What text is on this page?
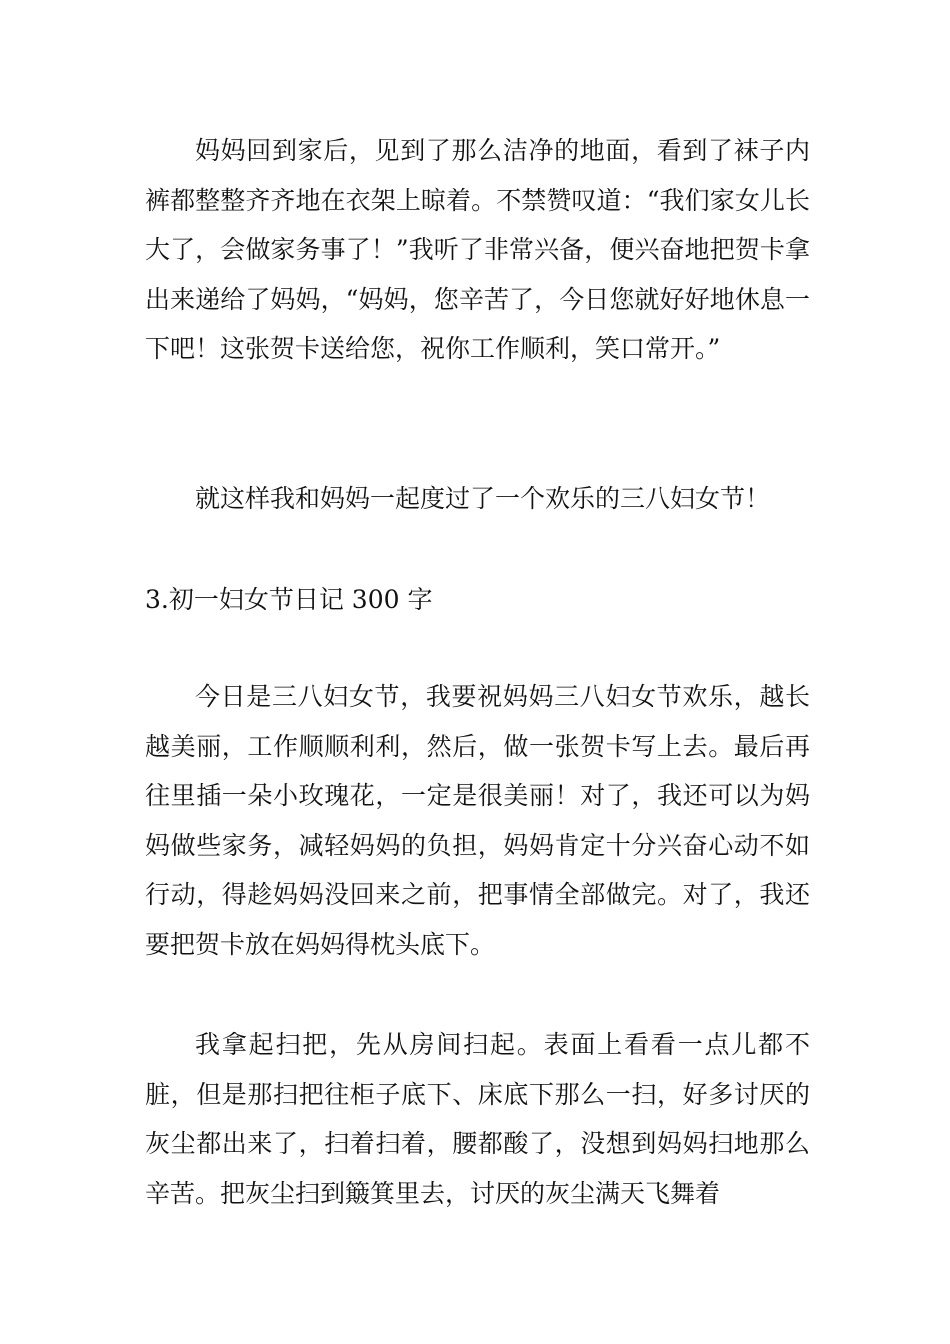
妈妈回到家后，见到了那么洁净的地面，看到了袜子内 裤都整整齐齐地在衣架上晾着。不禁赞叹道：“我们家女儿长大了，会做家务事了！”我听了非常兴备，便兴奋地把贺卡拿出来递给了妈妈，“妈妈，您辛苦了，今日您就好好地休息一下吧！这张贺卡送给您，祝你工作顺利，笑口常开。”

就这样我和妈妈一起度过了一个欢乐的三八妇女节！

3.初一妇女节日记 300 字

今日是三八妇女节，我要祝妈妈三八妇女节欢乐，越长越美丽，工作顺顺利利，然后，做一张贺卡写上去。最后再往里插一朵小玫瑰花，一定是很美丽！对了，我还可以为妈妈做些家务，减轻妈妈的负担，妈妈肯定十分兴奋心动不如行动，得趁妈妈没回来之前，把事情全部做完。对了，我还要把贺卡放在妈妈得枕头底下。

我拿起扫把，先从房间扫起。表面上看看一点儿都不脏，但是那扫把往柜子底下、床底下那么一扫，好多讨厌的灰尘都出来了，扫着扫着，腰都酸了，没想到妈妈扫地那么辛苦。把灰尘扫到簸箕里去，讨厌的灰尘满天飞舞着
